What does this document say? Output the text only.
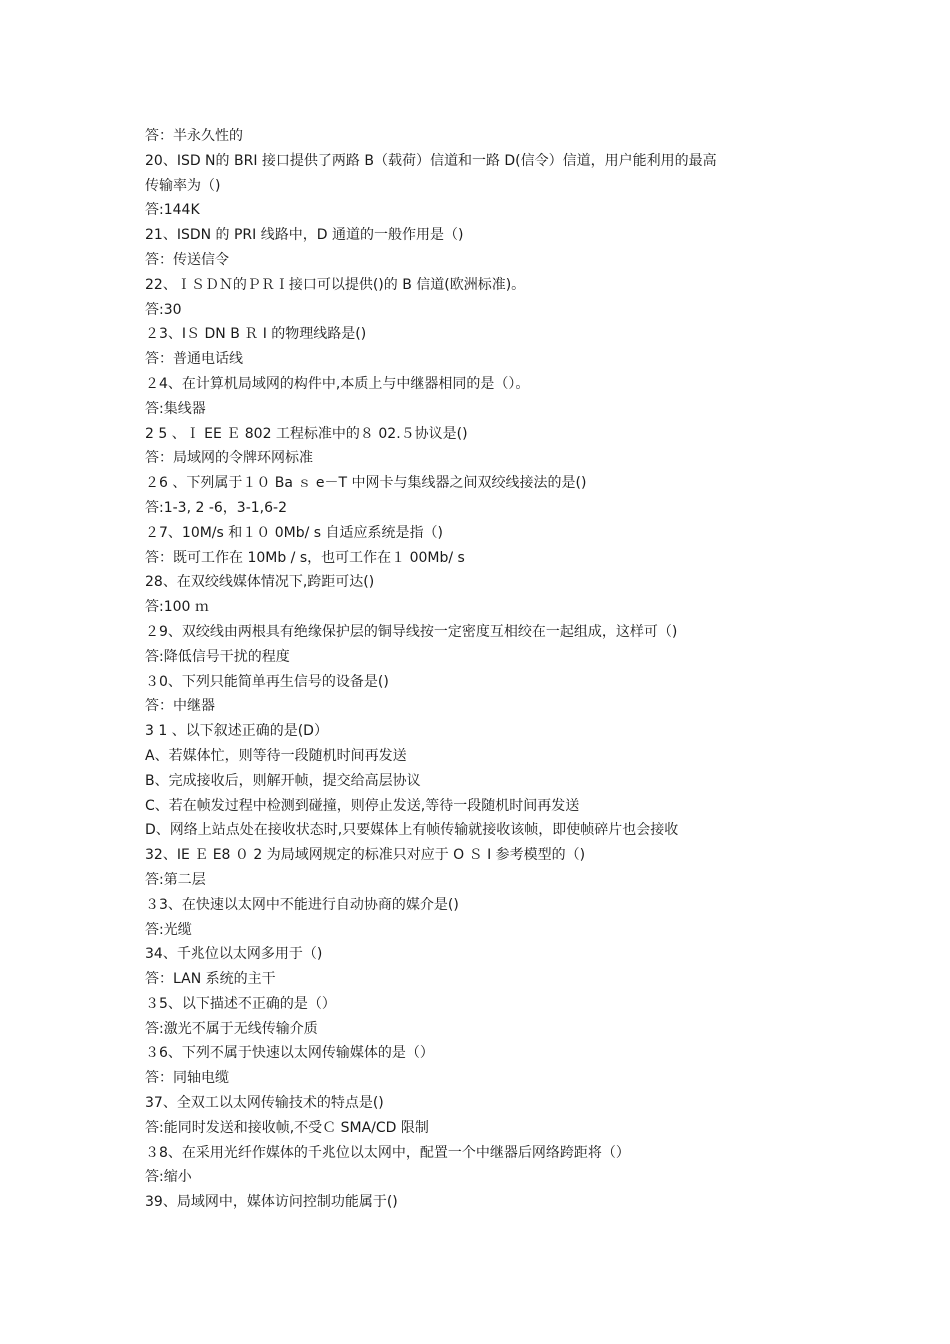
答：半永久性的
20、ISD N的 BRI 接口提供了两路 B（载荷）信道和一路 D(信令）信道，用户能利用的最高
传输率为（)
答:144K
21、ISDN 的 PRI 线路中，D 通道的一般作用是（)
答：传送信令
22、ＩＳＤＮ的ＰＲＩ接口可以提供()的 B 信道(欧洲标准)。
答:30
２3、IＳ DN B Ｒ I 的物理线路是()
答：普通电话线
２4、在计算机局域网的构件中,本质上与中继器相同的是（）。
答:集线器
2 5 、Ｉ EE Ｅ 802 工程标准中的８ 02.５协议是()
答：局域网的令牌环网标准
２6 、下列属于１０ Ba ｓ e－T 中网卡与集线器之间双绞线接法的是()
答:1-3, 2 -6，3-1,6-2
２7、10M/s 和１０ 0Mb/ s 自适应系统是指（)
答：既可工作在 10Mb / s，也可工作在１ 00Mb/ s
28、在双绞线媒体情况下,跨距可达()
答:100 ｍ
２9、双绞线由两根具有绝缘保护层的铜导线按一定密度互相绞在一起组成，这样可（)
答:降低信号干扰的程度
３0、下列只能简单再生信号的设备是()
答：中继器
3 1 、以下叙述正确的是(D）
A、若媒体忙，则等待一段随机时间再发送
B、完成接收后，则解开帧，提交给高层协议
C、若在帧发过程中检测到碰撞，则停止发送,等待一段随机时间再发送
D、网络上站点处在接收状态时,只要媒体上有帧传输就接收该帧，即使帧碎片也会接收
32、IE Ｅ E8 ０ 2 为局域网规定的标准只对应于 O Ｓ I 参考模型的（)
答:第二层
３3、在快速以太网中不能进行自动协商的媒介是()
答:光缆
34、千兆位以太网多用于（)
答：LAN 系统的主干
３5、以下描述不正确的是（）
答:激光不属于无线传输介质
３6、下列不属于快速以太网传输媒体的是（）
答：同轴电缆
37、全双工以太网传输技术的特点是()
答:能同时发送和接收帧,不受Ｃ SMA/CD 限制
３8、在采用光纤作媒体的千兆位以太网中，配置一个中继器后网络跨距将（）
答:缩小
39、局域网中，媒体访问控制功能属于()
